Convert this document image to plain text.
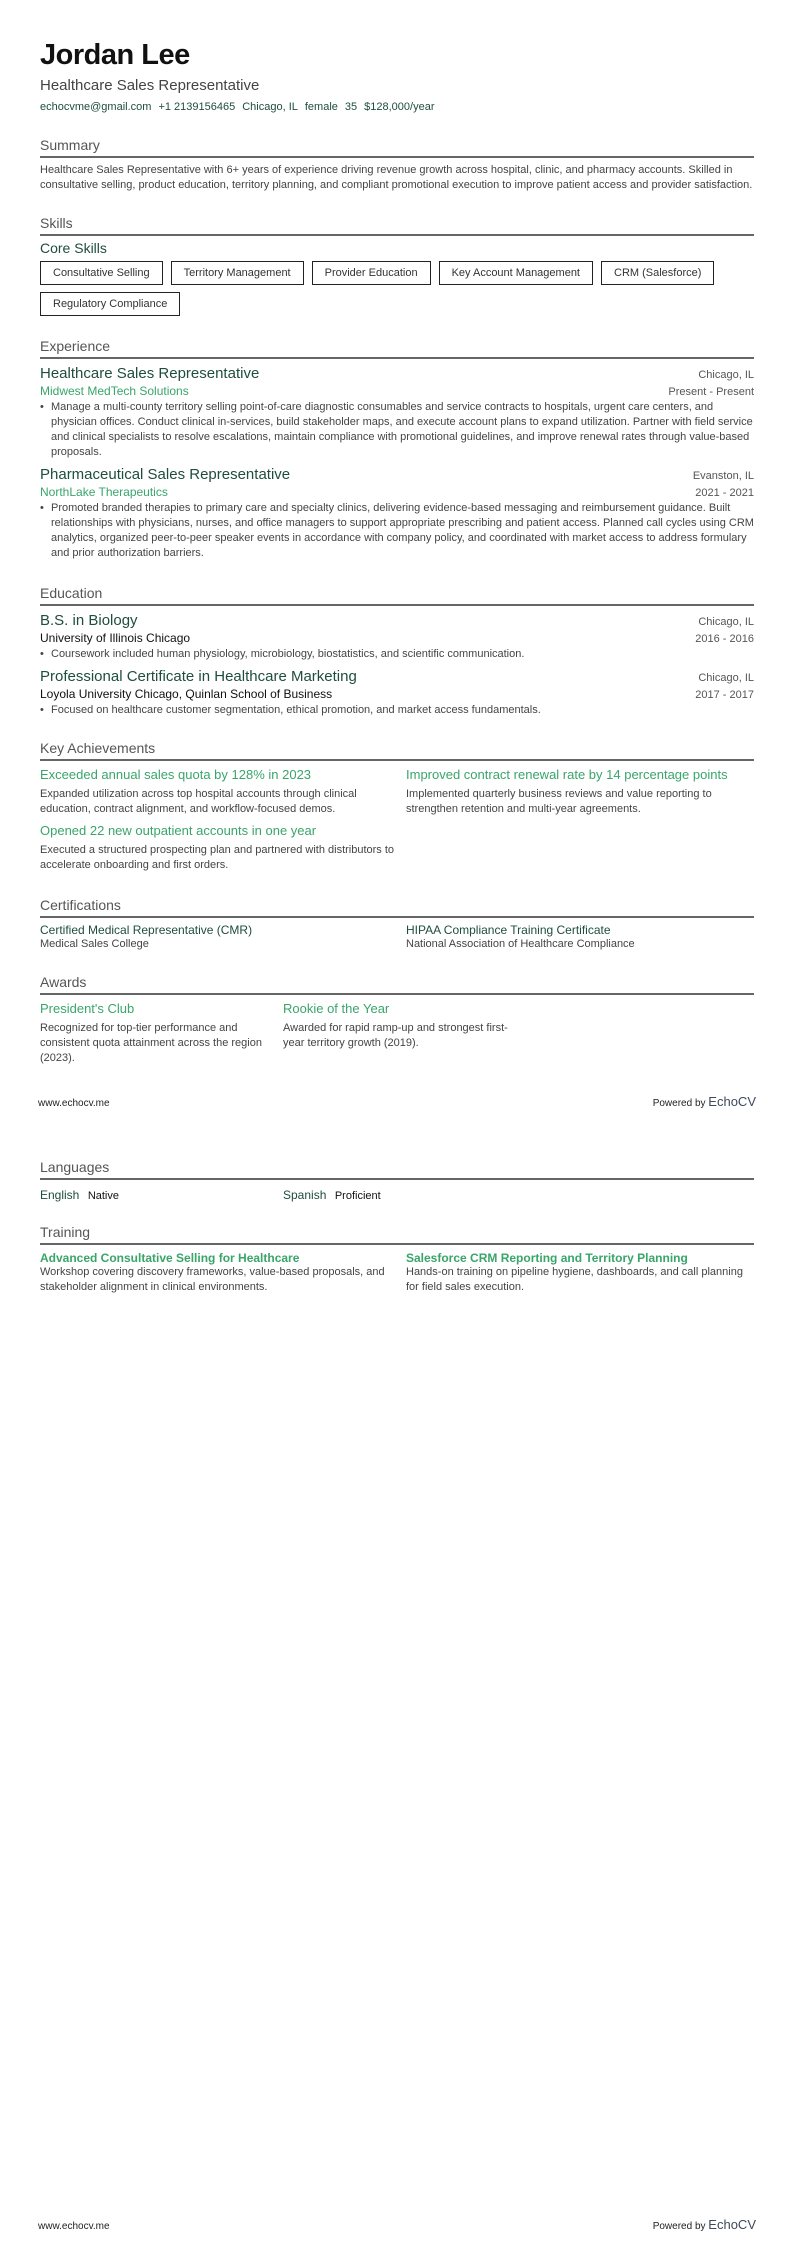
Jordan Lee
Healthcare Sales Representative
echocvme@gmail.com +1 2139156465 Chicago, IL female 35 $128,000/year
Summary
Healthcare Sales Representative with 6+ years of experience driving revenue growth across hospital, clinic, and pharmacy accounts. Skilled in consultative selling, product education, territory planning, and compliant promotional execution to improve patient access and provider satisfaction.
Skills
Core Skills
Consultative Selling	Territory Management	Provider Education	Key Account Management	CRM (Salesforce)
Regulatory Compliance
Experience
Healthcare Sales Representative	Chicago, IL
Midwest MedTech Solutions	Present - Present
• Manage a multi-county territory selling point-of-care diagnostic consumables and service contracts to hospitals, urgent care centers, and physician offices. Conduct clinical in-services, build stakeholder maps, and execute account plans to expand utilization. Partner with field service and clinical specialists to resolve escalations, maintain compliance with promotional guidelines, and improve renewal rates through value-based proposals.
Pharmaceutical Sales Representative	Evanston, IL
NorthLake Therapeutics	2021 - 2021
• Promoted branded therapies to primary care and specialty clinics, delivering evidence-based messaging and reimbursement guidance. Built relationships with physicians, nurses, and office managers to support appropriate prescribing and patient access. Planned call cycles using CRM analytics, organized peer-to-peer speaker events in accordance with company policy, and coordinated with market access to address formulary and prior authorization barriers.
Education
B.S. in Biology	Chicago, IL
University of Illinois Chicago	2016 - 2016
• Coursework included human physiology, microbiology, biostatistics, and scientific communication.
Professional Certificate in Healthcare Marketing	Chicago, IL
Loyola University Chicago, Quinlan School of Business	2017 - 2017
• Focused on healthcare customer segmentation, ethical promotion, and market access fundamentals.
Key Achievements
Exceeded annual sales quota by 128% in 2023
Expanded utilization across top hospital accounts through clinical education, contract alignment, and workflow-focused demos.
Improved contract renewal rate by 14 percentage points
Implemented quarterly business reviews and value reporting to strengthen retention and multi-year agreements.
Opened 22 new outpatient accounts in one year
Executed a structured prospecting plan and partnered with distributors to accelerate onboarding and first orders.
Certifications
Certified Medical Representative (CMR)
Medical Sales College
HIPAA Compliance Training Certificate
National Association of Healthcare Compliance
Awards
President's Club
Recognized for top-tier performance and consistent quota attainment across the region (2023).
Rookie of the Year
Awarded for rapid ramp-up and strongest first-year territory growth (2019).
www.echocv.me	Powered by EchoCV
Languages
English Native	Spanish Proficient
Training
Advanced Consultative Selling for Healthcare
Workshop covering discovery frameworks, value-based proposals, and stakeholder alignment in clinical environments.
Salesforce CRM Reporting and Territory Planning
Hands-on training on pipeline hygiene, dashboards, and call planning for field sales execution.
www.echocv.me	Powered by EchoCV
